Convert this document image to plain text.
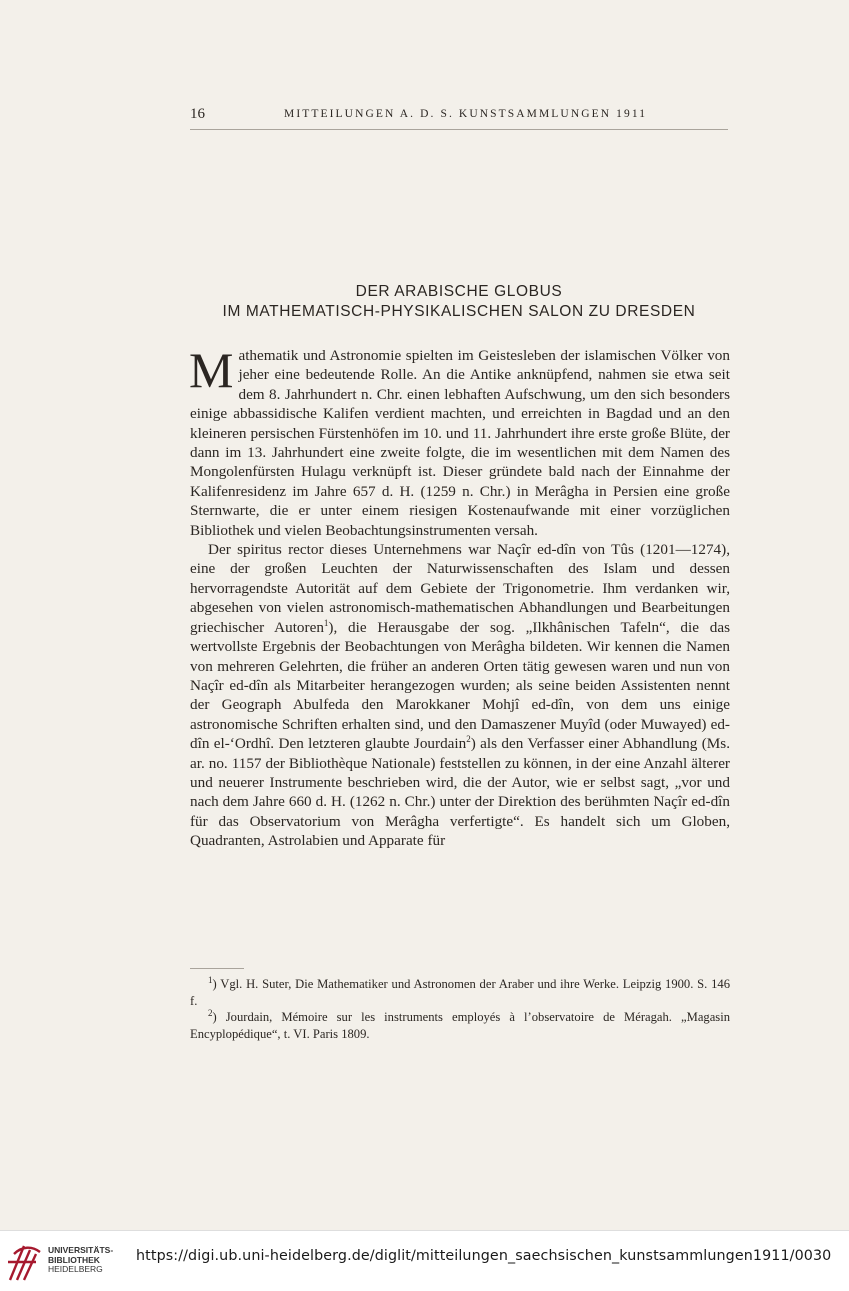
16	MITTEILUNGEN A. D. S. KUNSTSAMMLUNGEN 1911
DER ARABISCHE GLOBUS
IM MATHEMATISCH-PHYSIKALISCHEN SALON ZU DRESDEN

Mathematik und Astronomie spielten im Geistesleben der islamischen Völker von jeher eine bedeutende Rolle. An die Antike anknüpfend, nahmen sie etwa seit dem 8. Jahrhundert n. Chr. einen lebhaften Aufschwung, um den sich besonders einige abbassidische Kalifen verdient machten, und erreichten in Bagdad und an den kleineren persischen Fürstenhöfen im 10. und 11. Jahrhundert ihre erste große Blüte, der dann im 13. Jahrhundert eine zweite folgte, die im wesentlichen mit dem Namen des Mongolenfürsten Hulagu verknüpft ist. Dieser gründete bald nach der Einnahme der Kalifenresidenz im Jahre 657 d. H. (1259 n. Chr.) in Merâgha in Persien eine große Sternwarte, die er unter einem riesigen Kostenaufwande mit einer vorzüglichen Bibliothek und vielen Beobachtungsinstrumenten versah.

Der spiritus rector dieses Unternehmens war Naçîr ed-dîn von Tûs (1201—1274), eine der großen Leuchten der Naturwissenschaften des Islam und dessen hervorragendste Autorität auf dem Gebiete der Trigonometrie. Ihm verdanken wir, abgesehen von vielen astronomisch-mathematischen Abhandlungen und Bearbeitungen griechischer Autoren$^1$), die Herausgabe der sog. „Ilkhânischen Tafeln“, die das wertvollste Ergebnis der Beobachtungen von Merâgha bildeten. Wir kennen die Namen von mehreren Gelehrten, die früher an anderen Orten tätig gewesen waren und nun von Naçîr ed-dîn als Mitarbeiter herangezogen wurden; als seine beiden Assistenten nennt der Geograph Abulfeda den Marokkaner Mohjî ed-dîn, von dem uns einige astronomische Schriften erhalten sind, und den Damaszener Muyîd (oder Muwayed) ed-dîn el-‘Ordhî. Den letzteren glaubte Jourdain$^2$) als den Verfasser einer Abhandlung (Ms. ar. no. 1157 der Bibliothèque Nationale) feststellen zu können, in der eine Anzahl älterer und neuerer Instrumente beschrieben wird, die der Autor, wie er selbst sagt, „vor und nach dem Jahre 660 d. H. (1262 n. Chr.) unter der Direktion des berühmten Naçîr ed-dîn für das Observatorium von Merâgha verfertigte“. Es handelt sich um Globen, Quadranten, Astrolabien und Apparate für

$^1$) Vgl. H. Suter, Die Mathematiker und Astronomen der Araber und ihre Werke. Leipzig 1900. S. 146 f.

$^2$) Jourdain, Mémoire sur les instruments employés à l’observatoire de Méragah. „Magasin Encyplopédique“, t. VI. Paris 1809.

UNIVERSITÄTS-
BIBLIOTHEK
HEIDELBERG
https://digi.ub.uni-heidelberg.de/diglit/mitteilungen_saechsischen_kunstsammlungen1911/0030
